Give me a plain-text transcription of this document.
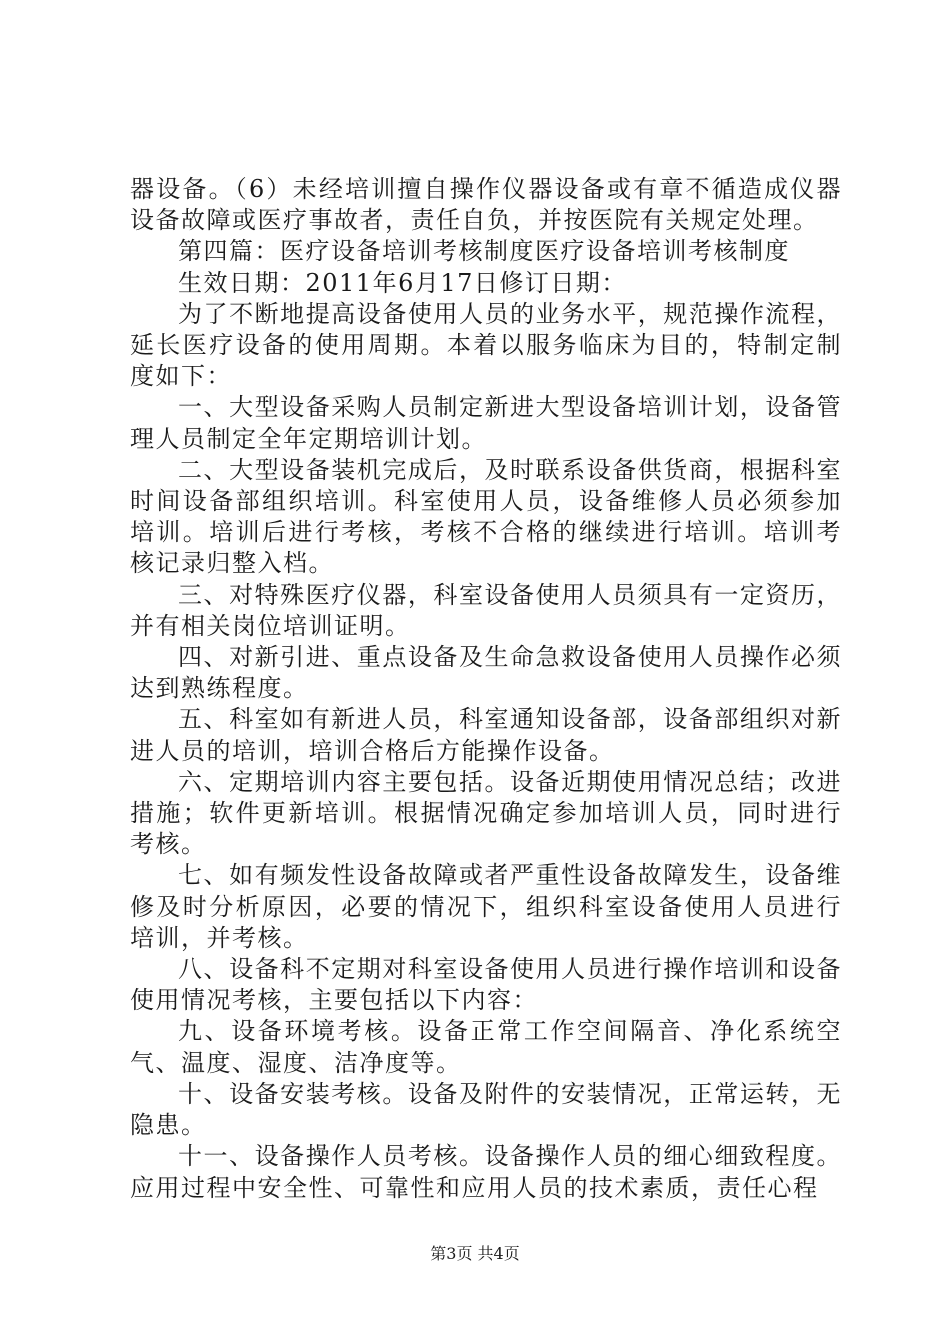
器设备。（6）未经培训擅自操作仪器设备或有章不循造成仪器设备故障或医疗事故者，责任自负，并按医院有关规定处理。

第四篇：医疗设备培训考核制度医疗设备培训考核制度

生效日期：2011年6月17日修订日期：

为了不断地提高设备使用人员的业务水平，规范操作流程，延长医疗设备的使用周期。本着以服务临床为目的，特制定制度如下：

一、大型设备采购人员制定新进大型设备培训计划，设备管理人员制定全年定期培训计划。

二、大型设备装机完成后，及时联系设备供货商，根据科室时间设备部组织培训。科室使用人员，设备维修人员必须参加培训。培训后进行考核，考核不合格的继续进行培训。培训考核记录归整入档。

三、对特殊医疗仪器，科室设备使用人员须具有一定资历，并有相关岗位培训证明。

四、对新引进、重点设备及生命急救设备使用人员操作必须达到熟练程度。

五、科室如有新进人员，科室通知设备部，设备部组织对新进人员的培训，培训合格后方能操作设备。

六、定期培训内容主要包括。设备近期使用情况总结；改进措施；软件更新培训。根据情况确定参加培训人员，同时进行考核。

七、如有频发性设备故障或者严重性设备故障发生，设备维修及时分析原因，必要的情况下，组织科室设备使用人员进行培训，并考核。

八、设备科不定期对科室设备使用人员进行操作培训和设备使用情况考核，主要包括以下内容：

九、设备环境考核。设备正常工作空间隔音、净化系统空气、温度、湿度、洁净度等。

十、设备安装考核。设备及附件的安装情况，正常运转，无隐患。

十一、设备操作人员考核。设备操作人员的细心细致程度。应用过程中安全性、可靠性和应用人员的技术素质，责任心程

第3页 共4页
